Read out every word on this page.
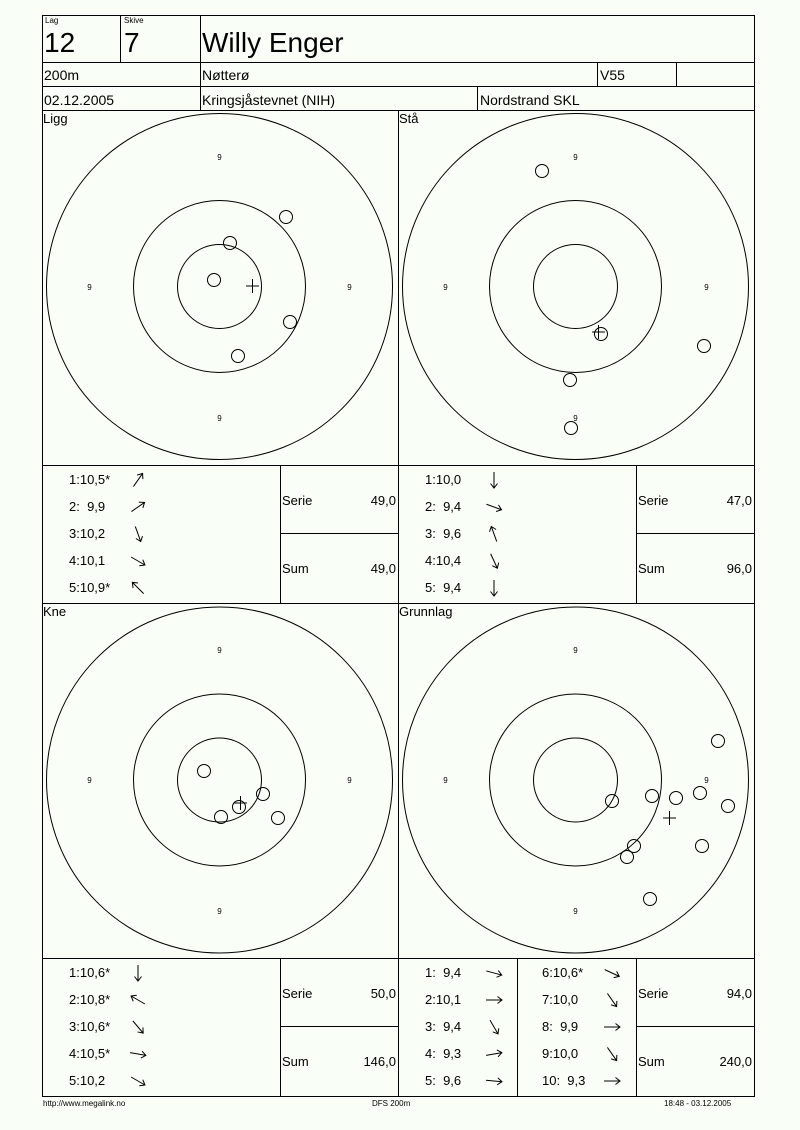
Lag
12
Skive
7 Willy Enger
200m	Nøtterø	V55
02.12.2005	Kringsjåstevnet (NIH)	Nordstrand SKL
Ligg	Stå
Kne	Grunnlag
9
9
9	9
9
9
9	9
9
9
9	9
9
9
9	9
1:10,5*
2:  9,9
3:10,2
4:10,1
5:10,9*
1:10,0
2:  9,4
3:  9,6
4:10,4
5:  9,4
1:10,6*
2:10,8*
3:10,6*
4:10,5*
5:10,2
1:  9,4
2:10,1
3:  9,4
4:  9,3
5:  9,6
6:10,6*
7:10,0
8:  9,9
9:10,0
10:  9,3
Serie	49,0
Sum	49,0
Serie	47,0
Sum	96,0
Serie	50,0
Sum	146,0
Serie	94,0
Sum	240,0
http://www.megalink.no	DFS 200m	18:48 - 03.12.2005
